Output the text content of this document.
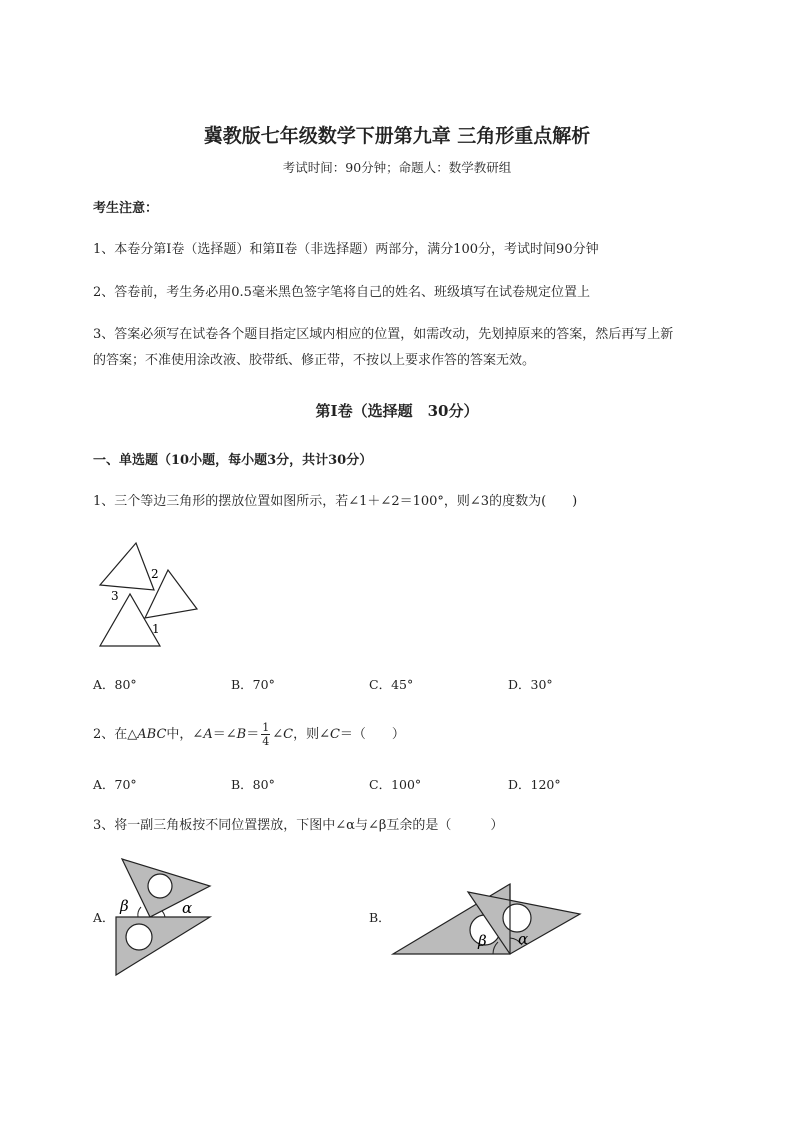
冀教版七年级数学下册第九章 三角形重点解析
考试时间：90分钟；命题人：数学教研组
考生注意：
1、本卷分第I卷（选择题）和第Ⅱ卷（非选择题）两部分，满分100分，考试时间90分钟
2、答卷前，考生务必用0.5毫米黑色签字笔将自己的姓名、班级填写在试卷规定位置上
3、答案必须写在试卷各个题目指定区域内相应的位置，如需改动，先划掉原来的答案，然后再写上新
的答案；不准使用涂改液、胶带纸、修正带，不按以上要求作答的答案无效。
第I卷（选择题　30分）
一、单选题（10小题，每小题3分，共计30分）
1、三个等边三角形的摆放位置如图所示，若∠1＋∠2＝100°，则∠3的度数为(　　)
2
3
1
A．80°	B．70°	C．45°	D．30°
2、在△ABC中，∠A＝∠B＝ $\frac{1}{4}$ ∠C，则∠C＝（　　）
A．70°	B．80°	C．100°	D．120°
3、将一副三角板按不同位置摆放，下图中∠α与∠β互余的是（　　　）
A．
β	α
B．
β α
